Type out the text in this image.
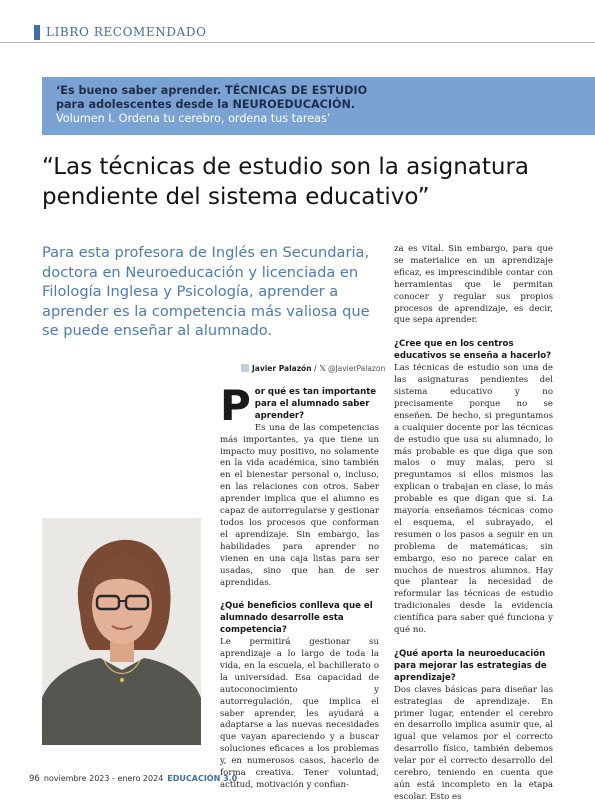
LIBRO RECOMENDADO
‘Es bueno saber aprender. TÉCNICAS DE ESTUDIO
para adolescentes desde la NEUROEDUCACIÓN.
Volumen I. Ordena tu cerebro, ordena tus tareas’
“Las técnicas de estudio son la asignatura pendiente del sistema educativo”
Para esta profesora de Inglés en Secundaria, doctora en Neuroeducación y licenciada en Filología Inglesa y Psicología, aprender a aprender es la competencia más valiosa que se puede enseñar al alumnado.
Javier Palazón / 𝕏 @JavierPalazon
P or qué es tan importante para el alumnado saber aprender?

Es una de las competencias más importantes, ya que tiene un impacto muy positivo, no solamente en la vida académica, sino también en el bienestar personal o, incluso, en las relaciones con otros. Saber aprender implica que el alumno es capaz de autorregularse y gestionar todos los procesos que conforman el aprendizaje. Sin embargo, las habilidades para aprender no vienen en una caja listas para ser usadas, sino que han de ser aprendidas.

¿Qué beneficios conlleva que el alumnado desarrolle esta competencia?

Le permitirá gestionar su aprendizaje a lo largo de toda la vida, en la escuela, el bachillerato o la universidad. Esa capacidad de autoconocimiento y autorregulación, que implica el saber aprender, les ayudará a adaptarse a las nuevas necesidades que vayan apareciendo y a buscar soluciones eficaces a los problemas y, en numerosos casos, hacerlo de forma creativa. Tener voluntad, actitud, motivación y confian-

za es vital. Sin embargo, para que se materialice en un aprendizaje eficaz, es imprescindible contar con herramientas que le permitan conocer y regular sus propios procesos de aprendizaje, es decir, que sepa aprender.

¿Cree que en los centros educativos se enseña a hacerlo?

Las técnicas de estudio son una de las asignaturas pendientes del sistema educativo y no precisamente porque no se enseñen. De hecho, si preguntamos a cualquier docente por las técnicas de estudio que usa su alumnado, lo más probable es que diga que son malos o muy malas, pero si preguntamos si ellos mismos las explican o trabajan en clase, lo más probable es que digan que sí. La mayoría enseñamos técnicas como el esquema, el subrayado, el resumen o los pasos a seguir en un problema de matemáticas; sin embargo, eso no parece calar en muchos de nuestros alumnos. Hay que plantear la necesidad de reformular las técnicas de estudio tradicionales desde la evidencia científica para saber qué funciona y qué no.

¿Qué aporta la neuroeducación para mejorar las estrategias de aprendizaje?

Dos claves básicas para diseñar las estrategias de aprendizaje. En primer lugar, entender el cerebro en desarrollo implica asumir que, al igual que velamos por el correcto desarrollo físico, también debemos velar por el correcto desarrollo del cerebro, teniendo en cuenta que aún está incompleto en la etapa escolar. Esto es

96 noviembre 2023 - enero 2024 EDUCACIÓN 3.0
